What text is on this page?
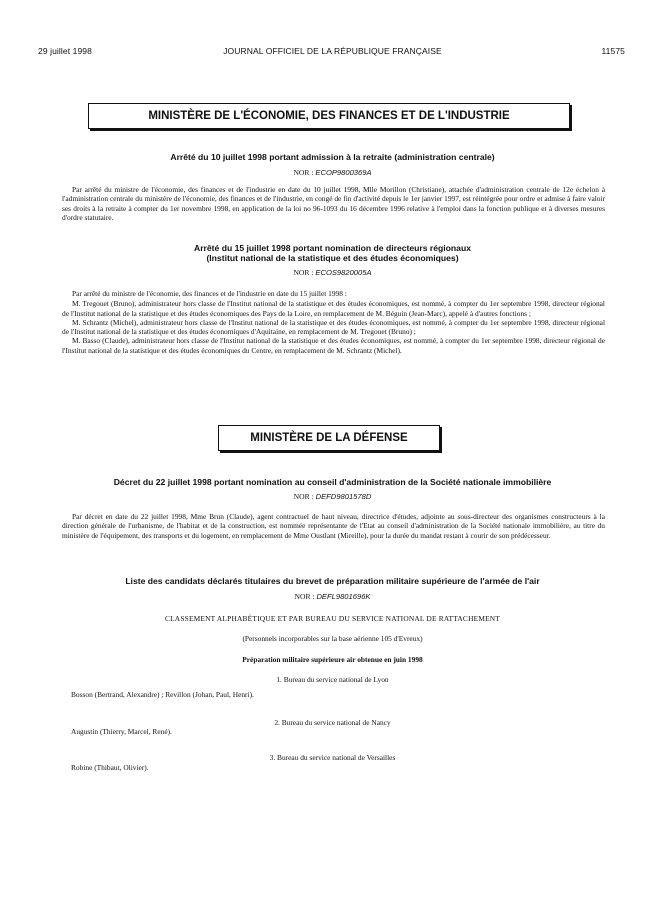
29 juillet 1998	JOURNAL OFFICIEL DE LA RÉPUBLIQUE FRANÇAISE	11575
MINISTÈRE DE L'ÉCONOMIE, DES FINANCES ET DE L'INDUSTRIE
Arrêté du 10 juillet 1998 portant admission à la retraite (administration centrale)
NOR : ECOP9800369A

Par arrêté du ministre de l'économie, des finances et de l'industrie en date du 10 juillet 1998, Mlle Morillon (Christiane), attachée d'administration centrale de 12e échelon à l'administration centrale du ministère de l'économie, des finances et de l'industrie, en congé de fin d'activité depuis le 1er janvier 1997, est réintégrée pour ordre et admise à faire valoir ses droits à la retraite à compter du 1er novembre 1998, en application de la loi no 96-1093 du 16 décembre 1996 relative à l'emploi dans la fonction publique et à diverses mesures d'ordre statutaire.

Arrêté du 15 juillet 1998 portant nomination de directeurs régionaux
(Institut national de la statistique et des études économiques)
NOR : ECOS9820005A

Par arrêté du ministre de l'économie, des finances et de l'industrie en date du 15 juillet 1998 :

M. Tregouet (Bruno), administrateur hors classe de l'Institut national de la statistique et des études économiques, est nommé, à compter du 1er septembre 1998, directeur régional de l'Institut national de la statistique et des études économiques des Pays de la Loire, en remplacement de M. Béguin (Jean-Marc), appelé à d'autres fonctions ;

M. Schrantz (Michel), administrateur hors classe de l'Institut national de la statistique et des études économiques, est nommé, à compter du 1er septembre 1998, directeur régional de l'Institut national de la statistique et des études économiques d'Aquitaine, en remplacement de M. Tregouet (Bruno) ;

M. Basso (Claude), administrateur hors classe de l'Institut national de la statistique et des études économiques, est nommé, à compter du 1er septembre 1998, directeur régional de l'Institut national de la statistique et des études économiques du Centre, en remplacement de M. Schrantz (Michel).

MINISTÈRE DE LA DÉFENSE
Décret du 22 juillet 1998 portant nomination au conseil d'administration de la Société nationale immobilière
NOR : DEFD9801578D

Par décret en date du 22 juillet 1998, Mme Brun (Claude), agent contractuel de haut niveau, directrice d'études, adjointe au sous-directeur des organismes constructeurs à la direction générale de l'urbanisme, de l'habitat et de la construction, est nommée représentante de l'Etat au conseil d'administration de la Société nationale immobilière, au titre du ministère de l'équipement, des transports et du logement, en remplacement de Mme Oustlant (Mireille), pour la durée du mandat restant à courir de son prédécesseur.

Liste des candidats déclarés titulaires du brevet de préparation militaire supérieure de l'armée de l'air
NOR : DEFL9801696K
CLASSEMENT ALPHABÉTIQUE ET PAR BUREAU DU SERVICE NATIONAL DE RATTACHEMENT
(Personnels incorporables sur la base aérienne 105 d'Evreux)
Préparation militaire supérieure air obtenue en juin 1998
1. Bureau du service national de Lyon
Bosson (Bertrand, Alexandre) ; Revillon (Johan, Paul, Henri).
2. Bureau du service national de Nancy
Augustin (Thierry, Marcel, René).
3. Bureau du service national de Versailles
Robine (Thibaut, Olivier).
